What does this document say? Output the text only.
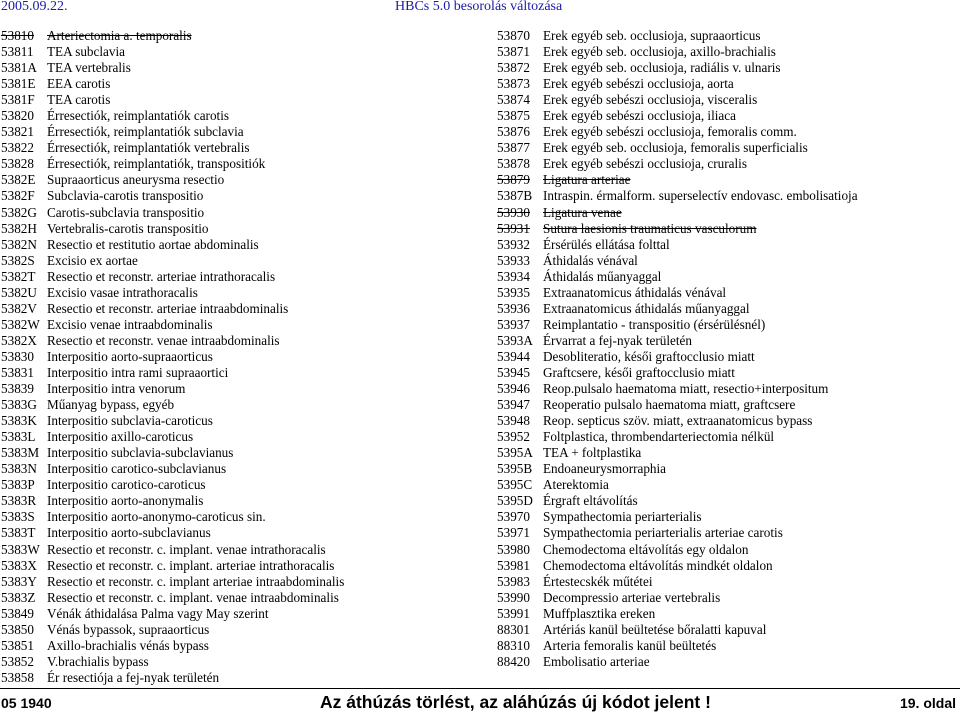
2005.09.22.	HBCs 5.0 besorolás változása
53810 Arteriectomia a. temporalis
53811 TEA subclavia
5381A TEA vertebralis
5381E EEA carotis
5381F TEA carotis
53820 Érresectiók, reimplantatiók carotis
53821 Érresectiók, reimplantatiók subclavia
53822 Érresectiók, reimplantatiók vertebralis
53828 Érresectiók, reimplantatiók, transpositiók
5382E Supraaorticus aneurysma resectio
5382F Subclavia-carotis transpositio
5382G Carotis-subclavia transpositio
5382H Vertebralis-carotis transpositio
5382N Resectio et restitutio aortae abdominalis
5382S Excisio ex aortae
5382T Resectio et reconstr. arteriae intrathoracalis
5382U Excisio vasae intrathoracalis
5382V Resectio et reconstr. arteriae intraabdominalis
5382W Excisio venae intraabdominalis
5382X Resectio et reconstr. venae intraabdominalis
53830 Interpositio aorto-supraaorticus
53831 Interpositio intra rami supraaortici
53839 Interpositio intra venorum
5383G Műanyag bypass, egyéb
5383K Interpositio subclavia-caroticus
5383L Interpositio axillo-caroticus
5383M Interpositio subclavia-subclavianus
5383N Interpositio carotico-subclavianus
5383P Interpositio carotico-caroticus
5383R Interpositio aorto-anonymalis
5383S Interpositio aorto-anonymo-caroticus sin.
5383T Interpositio aorto-subclavianus
5383W Resectio et reconstr. c. implant. venae intrathoracalis
5383X Resectio et reconstr. c. implant. arteriae intrathoracalis
5383Y Resectio et reconstr. c. implant arteriae intraabdominalis
5383Z Resectio et reconstr. c. implant. venae intraabdominalis
53849 Vénák áthidalása Palma vagy May szerint
53850 Vénás bypassok, supraaorticus
53851 Axillo-brachialis vénás bypass
53852 V.brachialis bypass
53858 Ér resectiója a fej-nyak területén
53870 Erek egyéb seb. occlusioja, supraaorticus
53871 Erek egyéb seb. occlusioja, axillo-brachialis
53872 Erek egyéb seb. occlusioja, radiális v. ulnaris
53873 Erek egyéb sebészi occlusioja, aorta
53874 Erek egyéb sebészi occlusioja, visceralis
53875 Erek egyéb sebészi occlusioja, iliaca
53876 Erek egyéb sebészi occlusioja, femoralis comm.
53877 Erek egyéb seb. occlusioja, femoralis superficialis
53878 Erek egyéb sebészi occlusioja, cruralis
53879 Ligatura arteriae
5387B Intraspin. érmalform. superselectív endovasc. embolisatioja
53930 Ligatura venae
53931 Sutura laesionis traumaticus vasculorum
53932 Érsérülés ellátása folttal
53933 Áthidalás vénával
53934 Áthidalás műanyaggal
53935 Extraanatomicus áthidalás vénával
53936 Extraanatomicus áthidalás műanyaggal
53937 Reimplantatio - transpositio (érsérülésnél)
5393A Érvarrat a fej-nyak területén
53944 Desobliteratio, késői graftocclusio miatt
53945 Graftcsere, késői graftocclusio miatt
53946 Reop.pulsalo haematoma miatt, resectio+interpositum
53947 Reoperatio pulsalo haematoma miatt, graftcsere
53948 Reop. septicus szöv. miatt, extraanatomicus bypass
53952 Foltplastica, thrombendarteriectomia nélkül
5395A TEA + foltplastika
5395B Endoaneurysmorraphia
5395C Aterektomia
5395D Érgraft eltávolítás
53970 Sympathectomia periarterialis
53971 Sympathectomia periarterialis arteriae carotis
53980 Chemodectoma eltávolítás egy oldalon
53981 Chemodectoma eltávolítás mindkét oldalon
53983 Értestecskék műtétei
53990 Decompressio arteriae vertebralis
53991 Muffplasztika ereken
88301 Artériás kanül beültetése bőralatti kapuval
88310 Arteria femoralis kanül beültetés
88420 Embolisatio arteriae
05 1940	Az áthúzás törlést, az aláhúzás új kódot jelent !	19. oldal
